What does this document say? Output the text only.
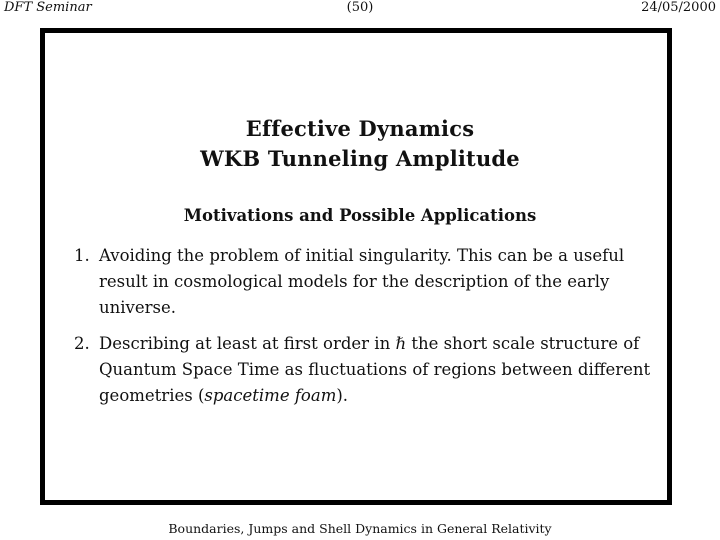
DFT Seminar	(50)	24/05/2000
Effective Dynamics
WKB Tunneling Amplitude
Motivations and Possible Applications
1. Avoiding the problem of initial singularity. This can be a useful result in cosmological models for the description of the early universe.
2. Describing at least at first order in ℏ the short scale structure of Quantum Space Time as fluctuations of regions between different geometries (spacetime foam).
Boundaries, Jumps and Shell Dynamics in General Relativity
